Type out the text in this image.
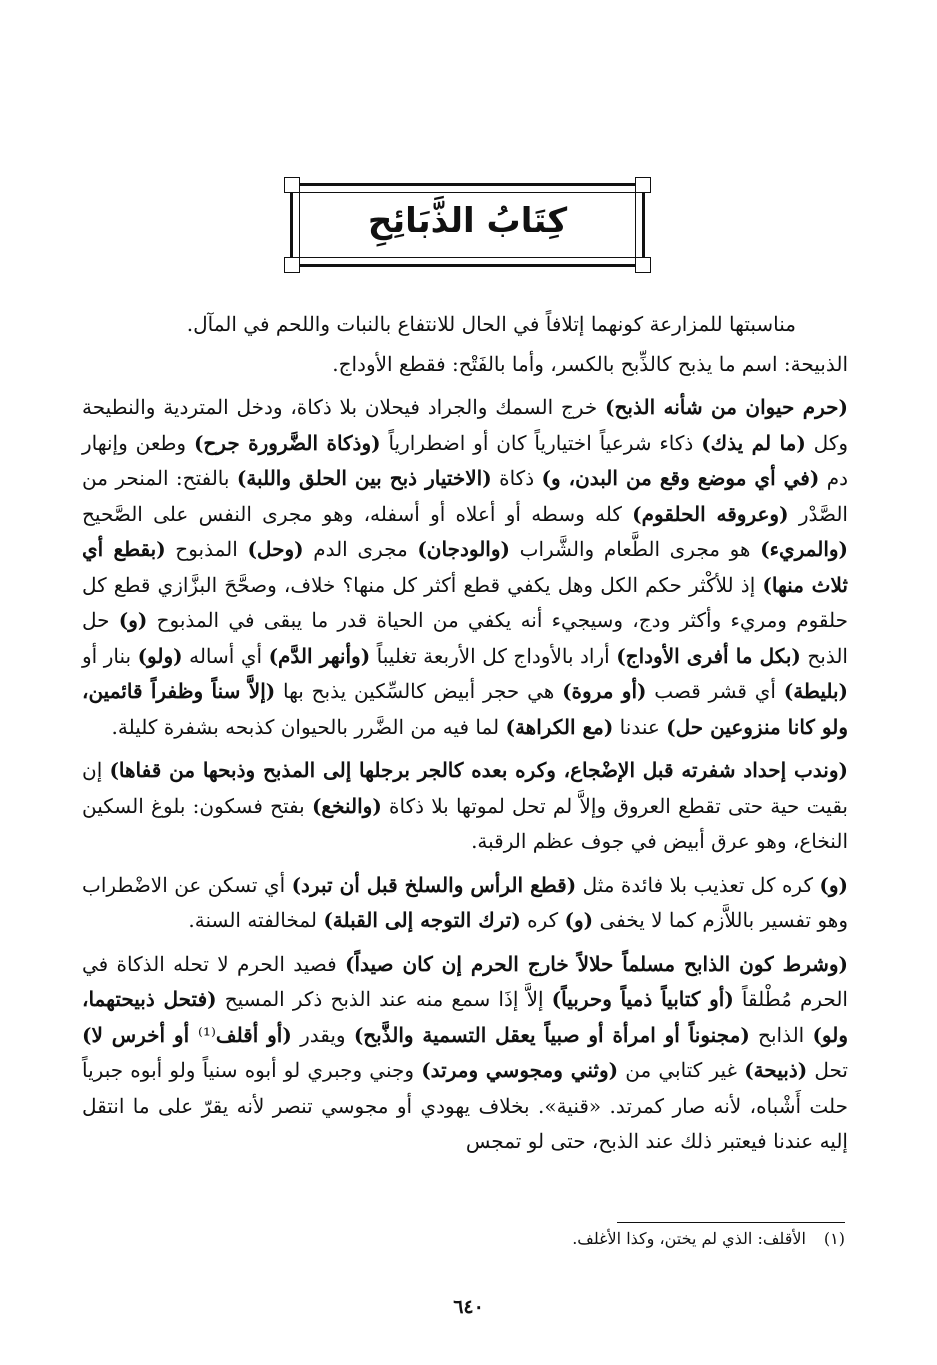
كِتَابُ الذَّبَائِحِ

مناسبتها للمزارعة كونهما إتلافاً في الحال للانتفاع بالنبات واللحم في المآل.

الذبيحة: اسم ما يذبح كالذِّبح بالكسر، وأما بالفَتْح: فقطع الأوداج.

(حرم حيوان من شأنه الذبح) خرج السمك والجراد فيحلان بلا ذكاة، ودخل المتردية والنطيحة وكل (ما لم يذك) ذكاء شرعياً اختيارياً كان أو اضطرارياً (وذكاة الضَّرورة جرح) وطعن وإنهار دم (في أي موضع وقع من البدن، و) ذكاة (الاختيار ذبح بين الحلق واللبة) بالفتح: المنحر من الصَّدْر (وعروقه الحلقوم) كله وسطه أو أعلاه أو أسفله، وهو مجرى النفس على الصَّحيح (والمريء) هو مجرى الطَّعام والشَّراب (والودجان) مجرى الدم (وحل) المذبوح (بقطع أي ثلاث منها) إذ للأكْثر حكم الكل وهل يكفي قطع أكثر كل منها؟ خلاف، وصحَّحَ البزَّازي قطع كل حلقوم ومريء وأكثر ودج، وسيجيء أنه يكفي من الحياة قدر ما يبقى في المذبوح (و) حل الذبح (بكل ما أفرى الأوداج) أراد بالأوداج كل الأربعة تغليباً (وأنهر الدَّم) أي أساله (ولو) بنار أو (بليطة) أي قشر قصب (أو مروة) هي حجر أبيض كالسِّكين يذبح بها (إلاَّ سناً وظفراً قائمين، ولو كانا منزوعين حل) عندنا (مع الكراهة) لما فيه من الضَّرر بالحيوان كذبحه بشفرة كليلة.

(وندب إحداد شفرته قبل الإضْجاع، وكره بعده كالجر برجلها إلى المذبح وذبحها من قفاها) إن بقيت حية حتى تقطع العروق وإلاَّ لم تحل لموتها بلا ذكاة (والنخع) بفتح فسكون: بلوغ السكين النخاع، وهو عرق أبيض في جوف عظم الرقبة.

(و) كره كل تعذيب بلا فائدة مثل (قطع الرأس والسلخ قبل أن تبرد) أي تسكن عن الاضْطراب وهو تفسير باللاَّزم كما لا يخفى (و) كره (ترك التوجه إلى القبلة) لمخالفته السنة.

(وشرط كون الذابح مسلماً حلالاً خارج الحرم إن كان صيداً) فصيد الحرم لا تحله الذكاة في الحرم مُطْلقاً (أو كتابياً ذمياً وحربياً) إلاَّ إذَا سمع منه عند الذبح ذكر المسيح (فتحل ذبيحتهما، ولو) الذابح (مجنوناً أو امرأة أو صبياً يعقل التسمية والذَّبح) ويقدر (أو أقلف⁽¹⁾ أو أخرس لا) تحل (ذبيحة) غير كتابي من (وثني ومجوسي ومرتد) وجني وجبري لو أبوه سنياً ولو أبوه جبرياً حلت أَشْباه، لأنه صار كمرتد. «قنية». بخلاف يهودي أو مجوسي تنصر لأنه يقرّ على ما انتقل إليه عندنا فيعتبر ذلك عند الذبح، حتى لو تمجس

(١)الأقلف: الذي لم يختن، وكذا الأغلف.
٦٤٠
